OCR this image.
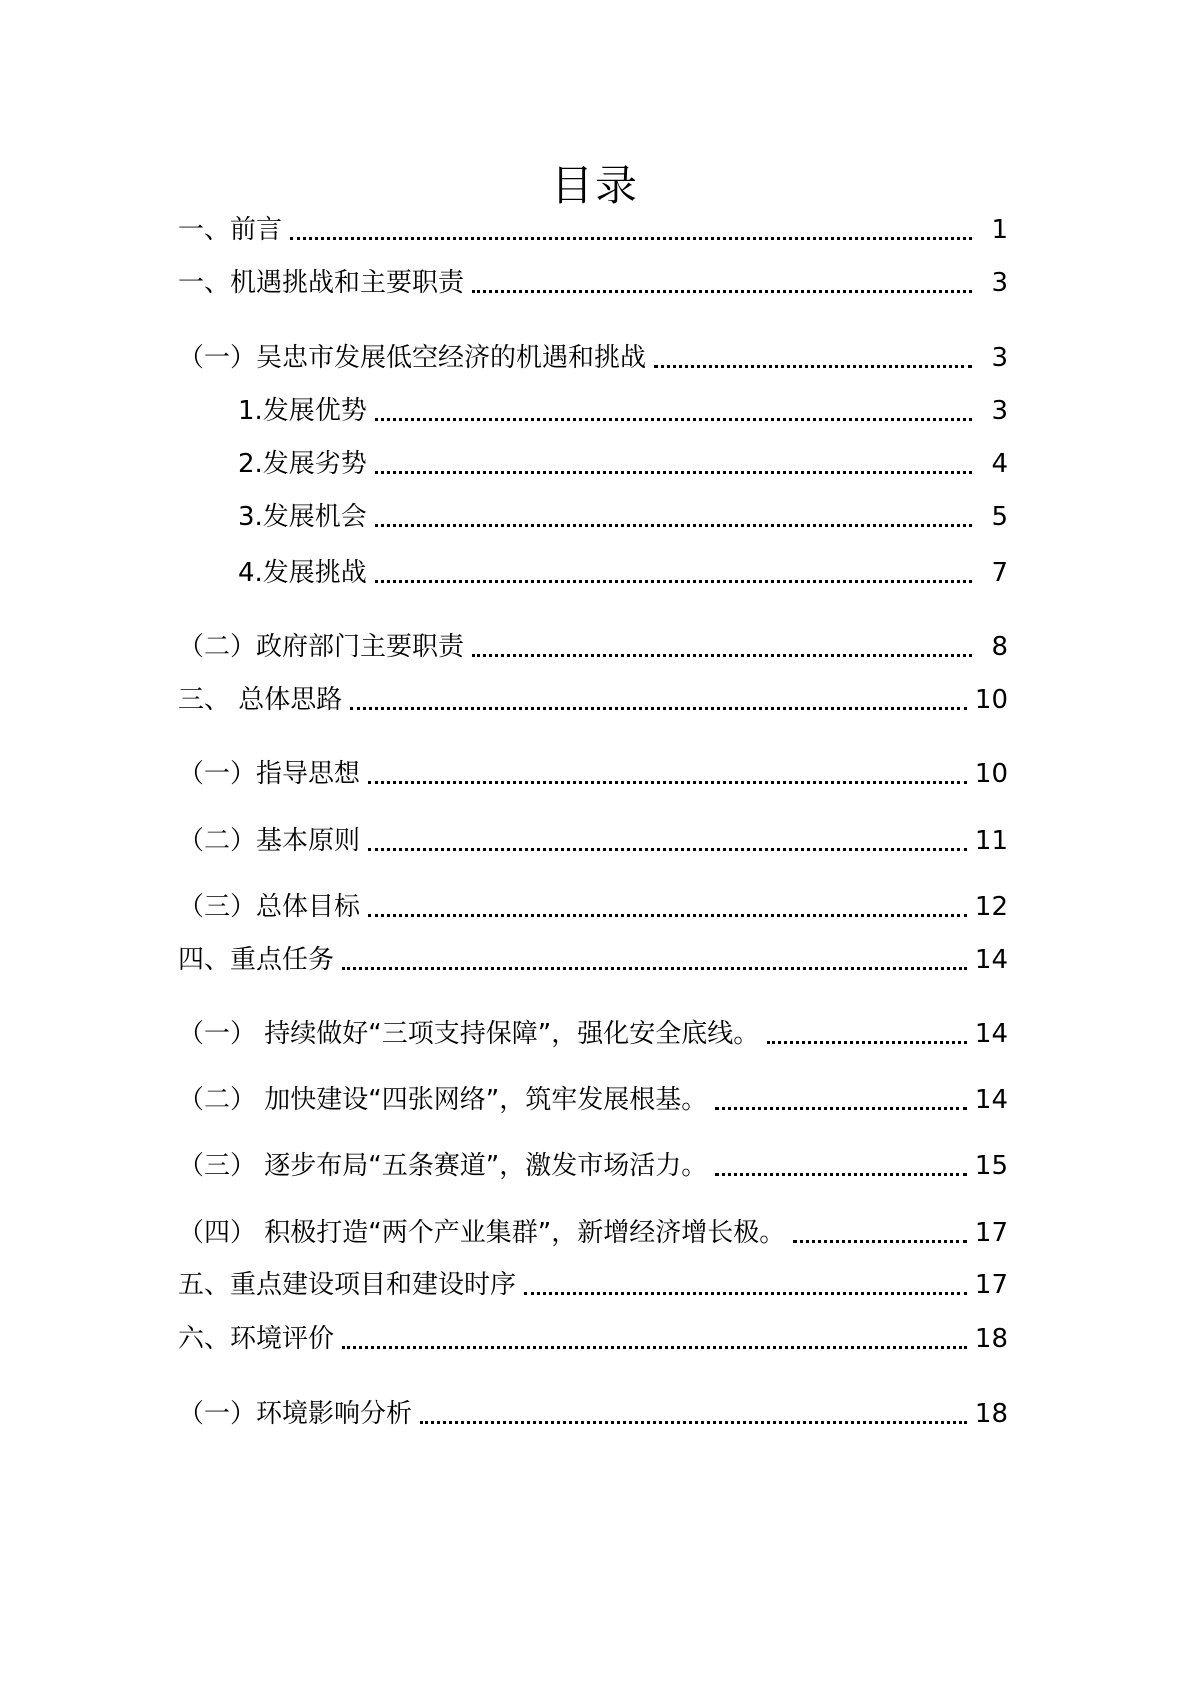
目录
一、前言	1
一、机遇挑战和主要职责	3
（一）吴忠市发展低空经济的机遇和挑战	3
1.发展优势	3
2.发展劣势	4
3.发展机会	5
4.发展挑战	7
（二）政府部门主要职责	8
三、 总体思路	10
（一）指导思想	10
（二）基本原则	11
（三）总体目标	12
四、重点任务	14
（一） 持续做好“三项支持保障”，强化安全底线。	14
（二） 加快建设“四张网络”，筑牢发展根基。	14
（三） 逐步布局“五条赛道”，激发市场活力。	15
（四） 积极打造“两个产业集群”，新增经济增长极。	17
五、重点建设项目和建设时序	17
六、环境评价	18
（一）环境影响分析	18
